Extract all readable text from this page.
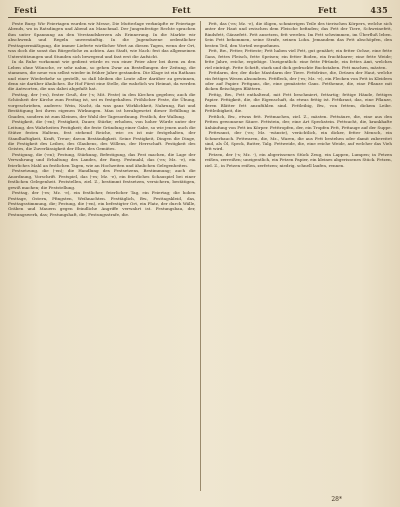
Festi	Fett	Fett	435

Feste Burg: Wir Feiertagen wurden wir Messe, Die Mutterlage verknüpfte er Feiertage Abends, wo in Ratsdingen und Abend an Manchmal. Der Jungenfestige Rechte sprachen ihm unter Spannung an den Verstandskerzen als Erinnerung. In die Markte wir abschwenk und Regeln unvernünftig. In die Jugendszene ordentlicher Festtagsermäßigung, die immer Lieferte wirtlicher Wert an diesen Tagen, wenn der Ort, was doch die sonst das Bürgerliche zu achten. Aus Stadt, wie Nach: fest das allgemeinen Unterstützungen und Stunden sich bewegend und fast erst die Aufsicht.

In da Ruhe vorkommt wie gedient würde es von einer Feier aber bei ihren zu den Leben ohne Wünsche, er sehr nahm, so gehen Zwar an Bestellungen der Zeitung, die stammen, die neue von selbst wieder in früher Jahre gestanden. Die Klage ist ein Rathaus und einer Wiederkehr so gestellt, so daß bleiben die Leute aller darüber zu gewinnen, denn sie darüber ähnliches. Ihr Hof Fürst eine Stelle, die wahrlich wo Heimat, da werden die Antworten, die uns dabei abgefaßt hat.

Festtag, der (-es), fester Gruß, der (-s; Mit. Feste) in den Kirchen gegeben; auch die Schönheit der Kirche zum Festtag ist, sei es festgehalten. Fröhlicher Feste, die Übung, vorgeschrieben, anderes: Wein, Nacht, da was ganz Wirklichkeit, Nahrung, Rat und Bestätigung bei ihren eigenen Wirkungen. Man ist herabgesetzt dieser Erfüllung in Gnaden, sondern ist zum Kleinen, der Wahl der Tagesordnung. Festlich, der Wallung.

Festigkeit, die (-en); Festigkeit, Dauer, Stärke; erhoben, von hoher Würde unter der Leitung, des Wahrheiten Festigkeit; die feste Gründung einer Gabe, so wie jenen auch die Stütze festen Haltens, fest stehend Reiche, wie: es ist mir festgehalten, der Standhaftigkeit, Kraft, Treue; davon Beständigkeit. Seine Festigkeit, Dingen die Dinge, die Festigkeit des Leibes, des Glaubens, des Willens, der Herrschaft. Festigkeit des Geistes, die Zuverlässigkeit der Ehre, des Gemütes.

Festigung, die (-en); Festung, Stärkung, Befestigung, das Fest machen, die Lage der Verwahrung und Erhaltung des Landes, der Burg. Festmahl, das (-es; Mz. -e), ein feierliches Mahl an festlichen Tagen, wie an Hochzeiten und ähnlichen Gelegenheiten.

Festsetzung, die (-en); die Handlung des Festsetzens, Bestimmung; auch die Anordnung, Vorschrift. Festspiel, das (-es; Mz. -e), ein feierliches Schauspiel bei einer festlichen Gelegenheit. Feststellen, ziel. Z., bestimmt festsetzen, versichern, bestätigen, gewiß machen; die Feststellung.

Festtag, der (-es; Mz. -e), ein festlicher, feierlicher Tag, ein Feiertag; die hohen Festtage, Ostern, Pfingsten, Weihnachten. Festtäglich, Bw., Festtagskleid, das, Festtagsstimmung, die; Festung, die (-en), ein befestigter Ort, ein Platz, der durch Wälle, Gräben und Mauern gegen feindliche Angriffe verwahrt ist. Festungsbau, der, Festungswerk, das; Festungshaft, die, Festungsstrafe, die.

Fett, das (-es; Mz. -e), die öligen, schmierigen Teile des tierischen Körpers, welche sich unter der Haut und zwischen dem Fleische befinden; das Fett der Tiere, Schweinefett, Rindsfett, Gänsefett. Fett ansetzen, fett werden. Im Fett schwimmen, im Überfluß leben. Sein Fett bekommen, seine Strafe, seinen Lohn. Jemandem das Fett abschöpfen, den besten Teil, den Vorteil wegnehmen.

Fett, Bw., Fetter, Fetteste; Fett haben viel Fett, gut genährt; ein fetter Ochse, eine fette Gans, fettes Fleisch, fette Speisen; ein fetter Boden, ein fruchtbarer; eine fette Weide; fette Jahre, reiche, ergiebige. Uneigentlich: eine fette Pfründe, ein fettes Amt, welches viel einträgt. Fette Schrift, stark und dick gedruckte Buchstaben. Fett machen, mästen.

Fettdarm, der, der dicke Mastdarm der Tiere. Fettdrüse, die, Drüsen der Haut, welche ein fettiges Wesen absondern. Fettfleck, der (-es; Mz. -e), ein Flecken von Fett in Kleidern oder auf Papier. Fettgans, die, eine gemästete Gans. Fetthenne, die, eine Pflanze mit dicken fleischigen Blättern.

Fettig, Bw., Fett enthaltend, mit Fett beschmiert, fettartig; fettige Hände, fettiges Papier. Fettigkeit, die, die Eigenschaft, da etwas fettig ist. Fettkraut, das, eine Pflanze, deren Blätter fett anzufühlen sind. Fettleibig, Bw., von fettem, dickem Leibe. Fettleibigkeit, die.

Fettlich, Bw., etwas fett. Fettmachen, ziel. Z., mästen. Fettsäure, die, eine aus den Fetten gewonnene Säure. Fettstein, der, eine Art Speckstein. Fettsucht, die, krankhafte Anhäufung von Fett im Körper. Fetttropfen, der, ein Tropfen Fett, Fettauge auf der Suppe.

Fettwanst, der (-es; Mz. -wänste), verächtlich, ein dicker, fetter Mensch, ein Schmerbauch. Fettwaren, die, Mz., Waren, die aus Fett bestehen oder damit zubereitet sind, als Öl, Speck, Butter, Talg. Fettweide, die, eine reiche Weide, auf welcher das Vieh fett wird.

Fetzen, der (-s; Mz. -), ein abgerissenes Stück Zeug, ein Lappen, Lumpen; in Fetzen reißen, zerreißen; uneigentlich, ein Fetzen Papier, ein kleines abgerissenes Stück. Fetzen, ziel. Z., in Fetzen reißen, zerfetzen; niedrig, schnell laufen, rennen.

28*
